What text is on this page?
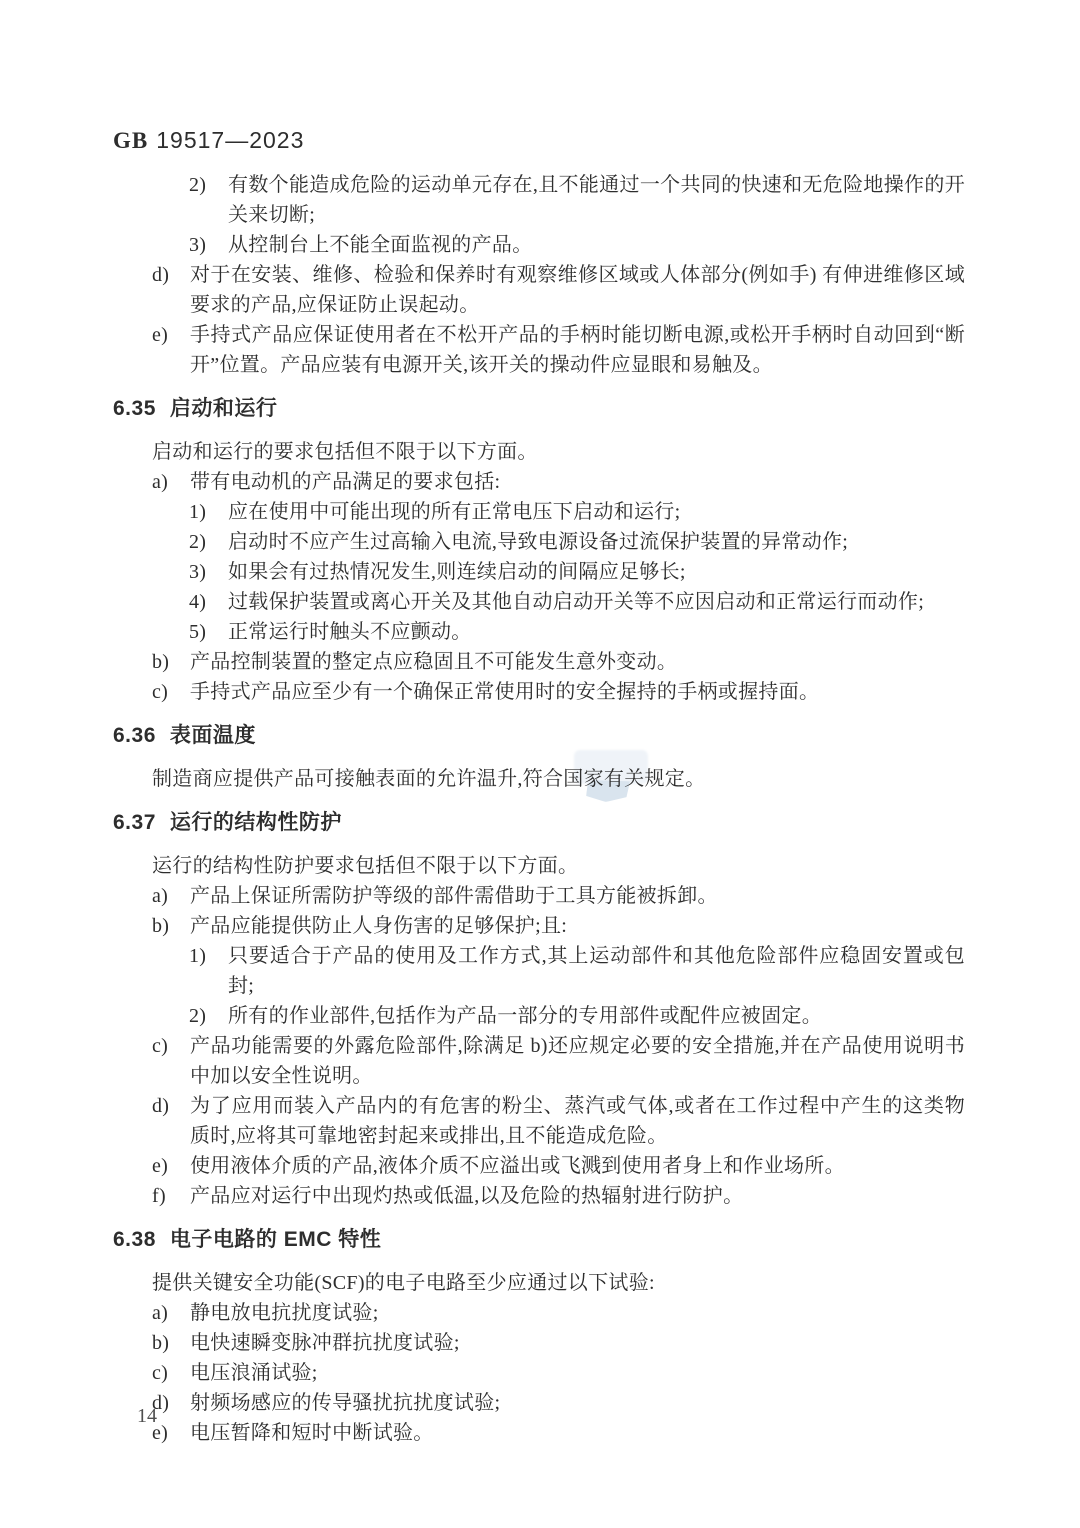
GB 19517—2023
2) 有数个能造成危险的运动单元存在,且不能通过一个共同的快速和无危险地操作的开关来切断;
3) 从控制台上不能全面监视的产品。
d) 对于在安装、维修、检验和保养时有观察维修区域或人体部分(例如手) 有伸进维修区域要求的产品,应保证防止误起动。
e) 手持式产品应保证使用者在不松开产品的手柄时能切断电源,或松开手柄时自动回到“断开”位置。产品应装有电源开关,该开关的操动件应显眼和易触及。
6.35 启动和运行
启动和运行的要求包括但不限于以下方面。
a) 带有电动机的产品满足的要求包括:
1) 应在使用中可能出现的所有正常电压下启动和运行;
2) 启动时不应产生过高输入电流,导致电源设备过流保护装置的异常动作;
3) 如果会有过热情况发生,则连续启动的间隔应足够长;
4) 过载保护装置或离心开关及其他自动启动开关等不应因启动和正常运行而动作;
5) 正常运行时触头不应颤动。
b) 产品控制装置的整定点应稳固且不可能发生意外变动。
c) 手持式产品应至少有一个确保正常使用时的安全握持的手柄或握持面。
6.36 表面温度
制造商应提供产品可接触表面的允许温升,符合国家有关规定。
6.37 运行的结构性防护
运行的结构性防护要求包括但不限于以下方面。
a) 产品上保证所需防护等级的部件需借助于工具方能被拆卸。
b) 产品应能提供防止人身伤害的足够保护;且:
1) 只要适合于产品的使用及工作方式,其上运动部件和其他危险部件应稳固安置或包封;
2) 所有的作业部件,包括作为产品一部分的专用部件或配件应被固定。
c) 产品功能需要的外露危险部件,除满足 b)还应规定必要的安全措施,并在产品使用说明书中加以安全性说明。
d) 为了应用而装入产品内的有危害的粉尘、蒸汽或气体,或者在工作过程中产生的这类物质时,应将其可靠地密封起来或排出,且不能造成危险。
e) 使用液体介质的产品,液体介质不应溢出或飞溅到使用者身上和作业场所。
f) 产品应对运行中出现灼热或低温,以及危险的热辐射进行防护。
6.38 电子电路的 EMC 特性
提供关键安全功能(SCF)的电子电路至少应通过以下试验:
a) 静电放电抗扰度试验;
b) 电快速瞬变脉冲群抗扰度试验;
c) 电压浪涌试验;
d) 射频场感应的传导骚扰抗扰度试验;
e) 电压暂降和短时中断试验。
14
